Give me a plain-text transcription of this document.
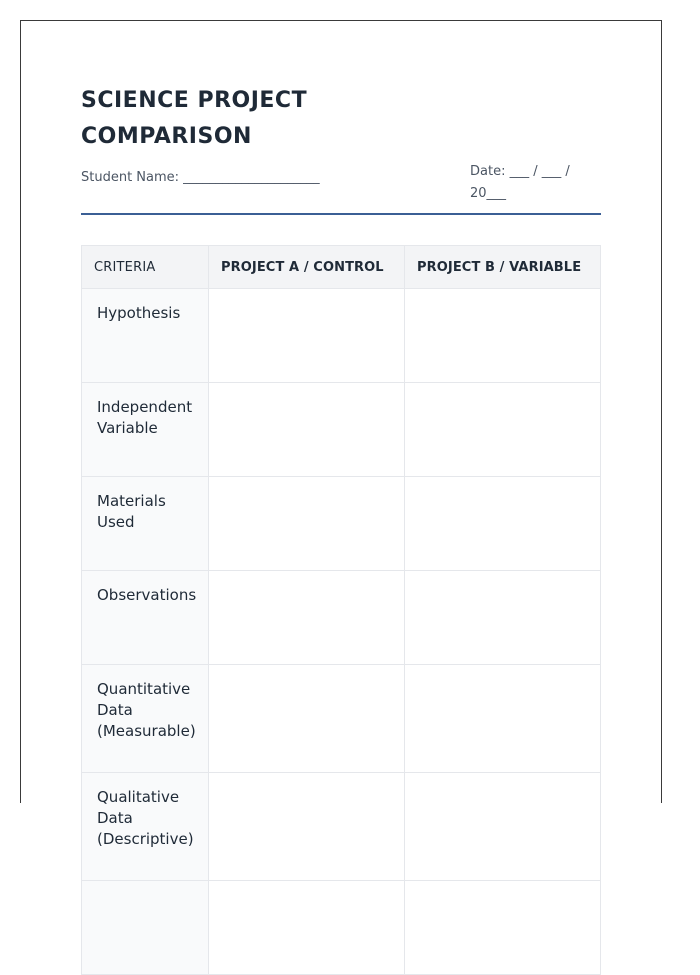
SCIENCE PROJECT COMPARISON
Student Name: _____________________	Date: ___ / ___ / 20___
CRITERIA	PROJECT A / CONTROL	PROJECT B / VARIABLE
Hypothesis		
Independent Variable		
Materials Used		
Observations		
Quantitative Data (Measurable)		
Qualitative Data (Descriptive)		
